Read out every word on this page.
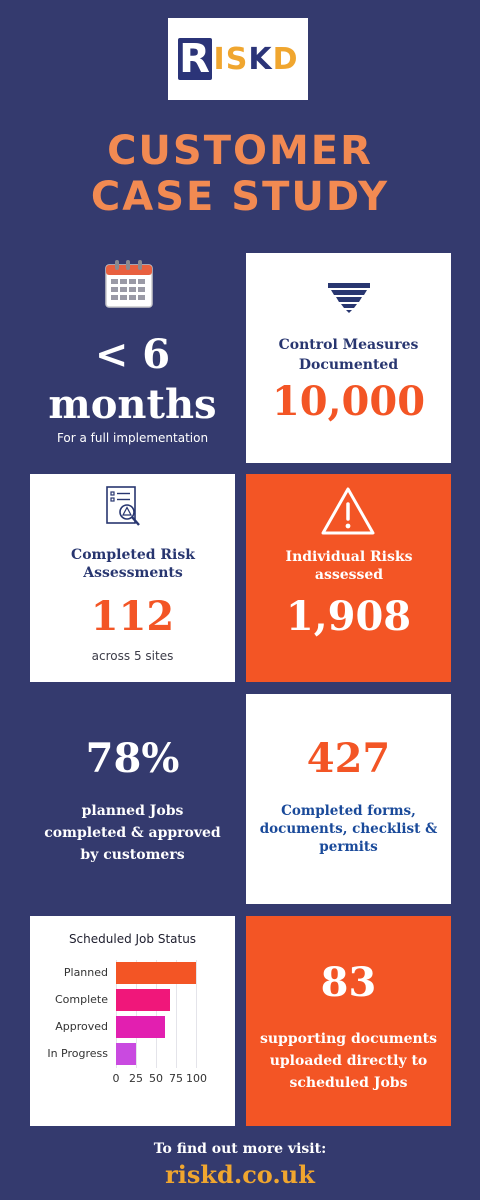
R ISKD
CUSTOMER
CASE STUDY
< 6
months
For a full implementation
Control Measures Documented
10,000
Completed Risk Assessments
112
across 5 sites
Individual Risks assessed
1,908
78%
planned Jobs completed & approved by customers
427
Completed forms, documents, checklist & permits
Scheduled Job Status
0 25 50 75 100
Planned
Complete
Approved
In Progress
83
supporting documents uploaded directly to scheduled Jobs
To find out more visit:
riskd.co.uk
